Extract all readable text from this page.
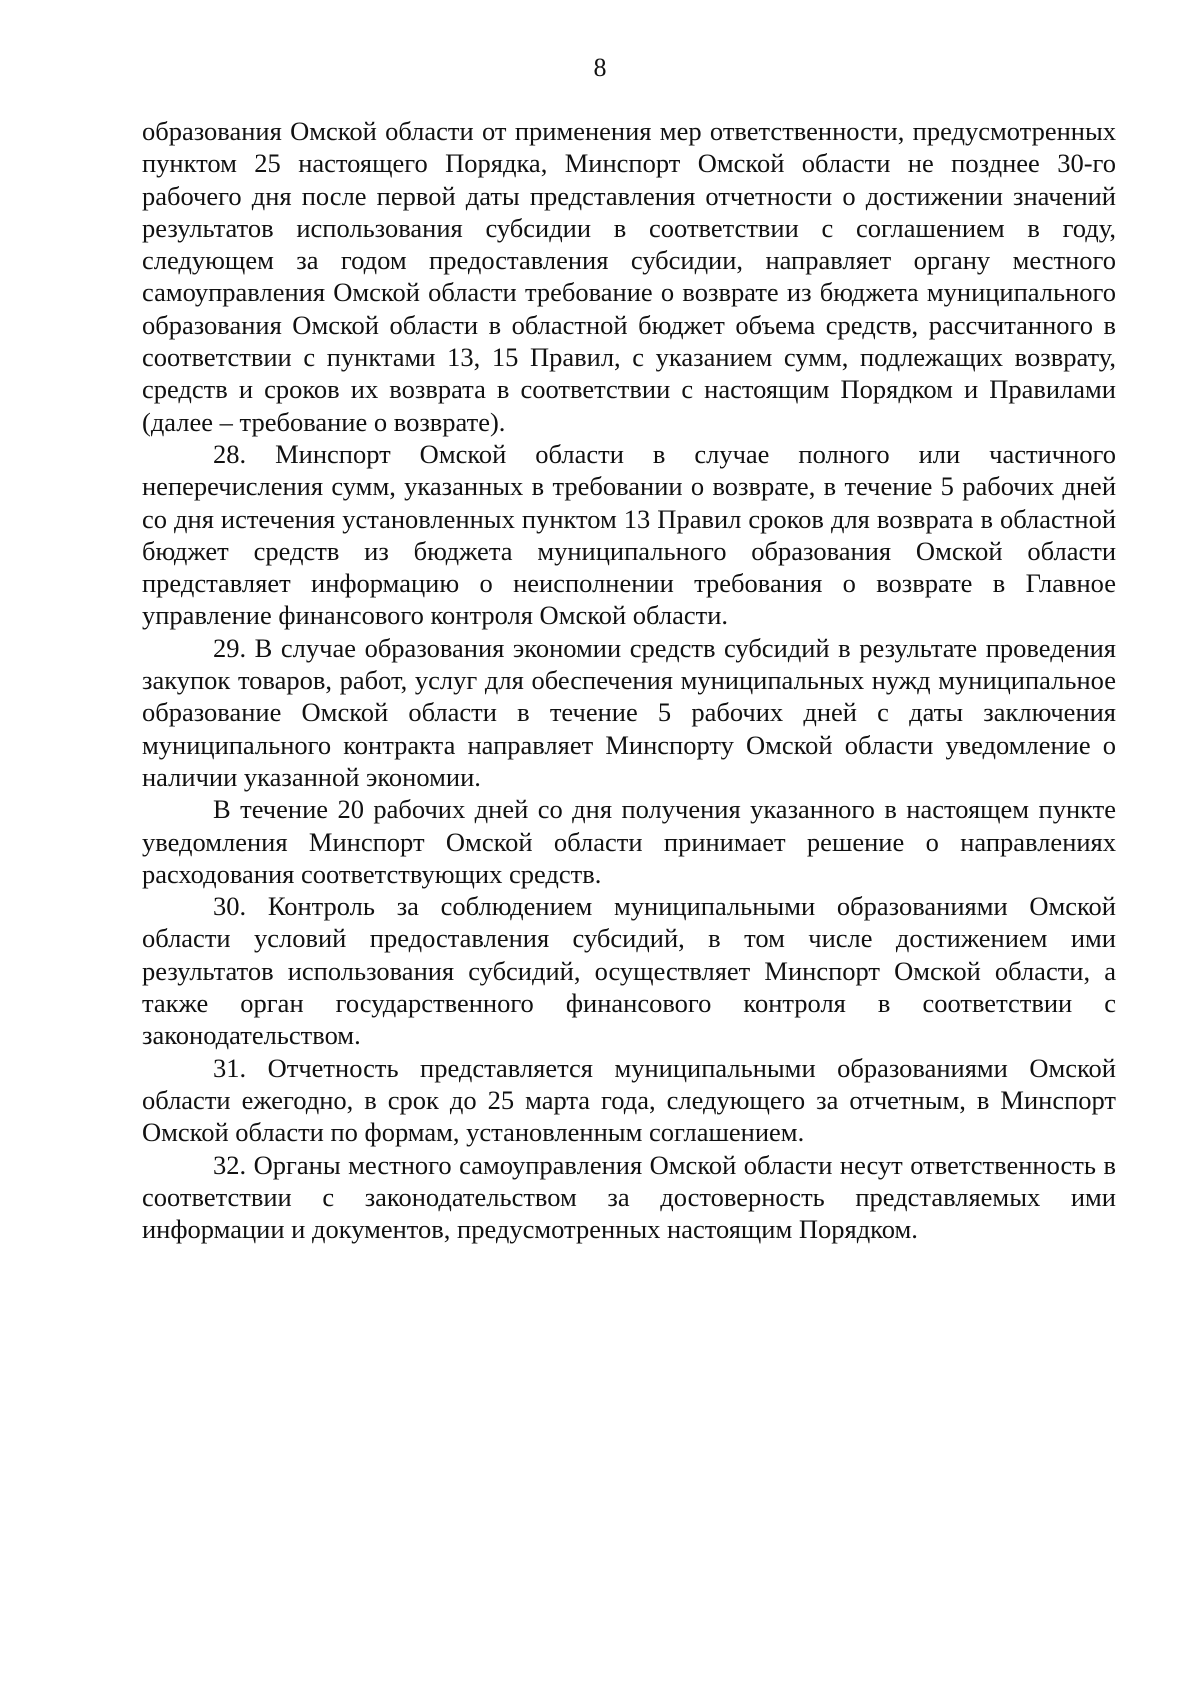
8

образования Омской области от применения мер ответственности, предусмотренных пунктом 25 настоящего Порядка, Минспорт Омской области не позднее 30-го рабочего дня после первой даты представления отчетности о достижении значений результатов использования субсидии в соответствии с соглашением в году, следующем за годом предоставления субсидии, направляет органу местного самоуправления Омской области требование о возврате из бюджета муниципального образования Омской области в областной бюджет объема средств, рассчитанного в соответствии с пунктами 13, 15 Правил, с указанием сумм, подлежащих возврату, средств и сроков их возврата в соответствии с настоящим Порядком и Правилами (далее – требование о возврате).

28. Минспорт Омской области в случае полного или частичного неперечисления сумм, указанных в требовании о возврате, в течение 5 рабочих дней со дня истечения установленных пунктом 13 Правил сроков для возврата в областной бюджет средств из бюджета муниципального образования Омской области представляет информацию о неисполнении требования о возврате в Главное управление финансового контроля Омской области.

29. В случае образования экономии средств субсидий в результате проведения закупок товаров, работ, услуг для обеспечения муниципальных нужд муниципальное образование Омской области в течение 5 рабочих дней с даты заключения муниципального контракта направляет Минспорту Омской области уведомление о наличии указанной экономии.

В течение 20 рабочих дней со дня получения указанного в настоящем пункте уведомления Минспорт Омской области принимает решение о направлениях расходования соответствующих средств.

30. Контроль за соблюдением муниципальными образованиями Омской области условий предоставления субсидий, в том числе достижением ими результатов использования субсидий, осуществляет Минспорт Омской области, а также орган государственного финансового контроля в соответствии с законодательством.

31. Отчетность представляется муниципальными образованиями Омской области ежегодно, в срок до 25 марта года, следующего за отчетным, в Минспорт Омской области по формам, установленным соглашением.

32. Органы местного самоуправления Омской области несут ответственность в соответствии с законодательством за достоверность представляемых ими информации и документов, предусмотренных настоящим Порядком.
